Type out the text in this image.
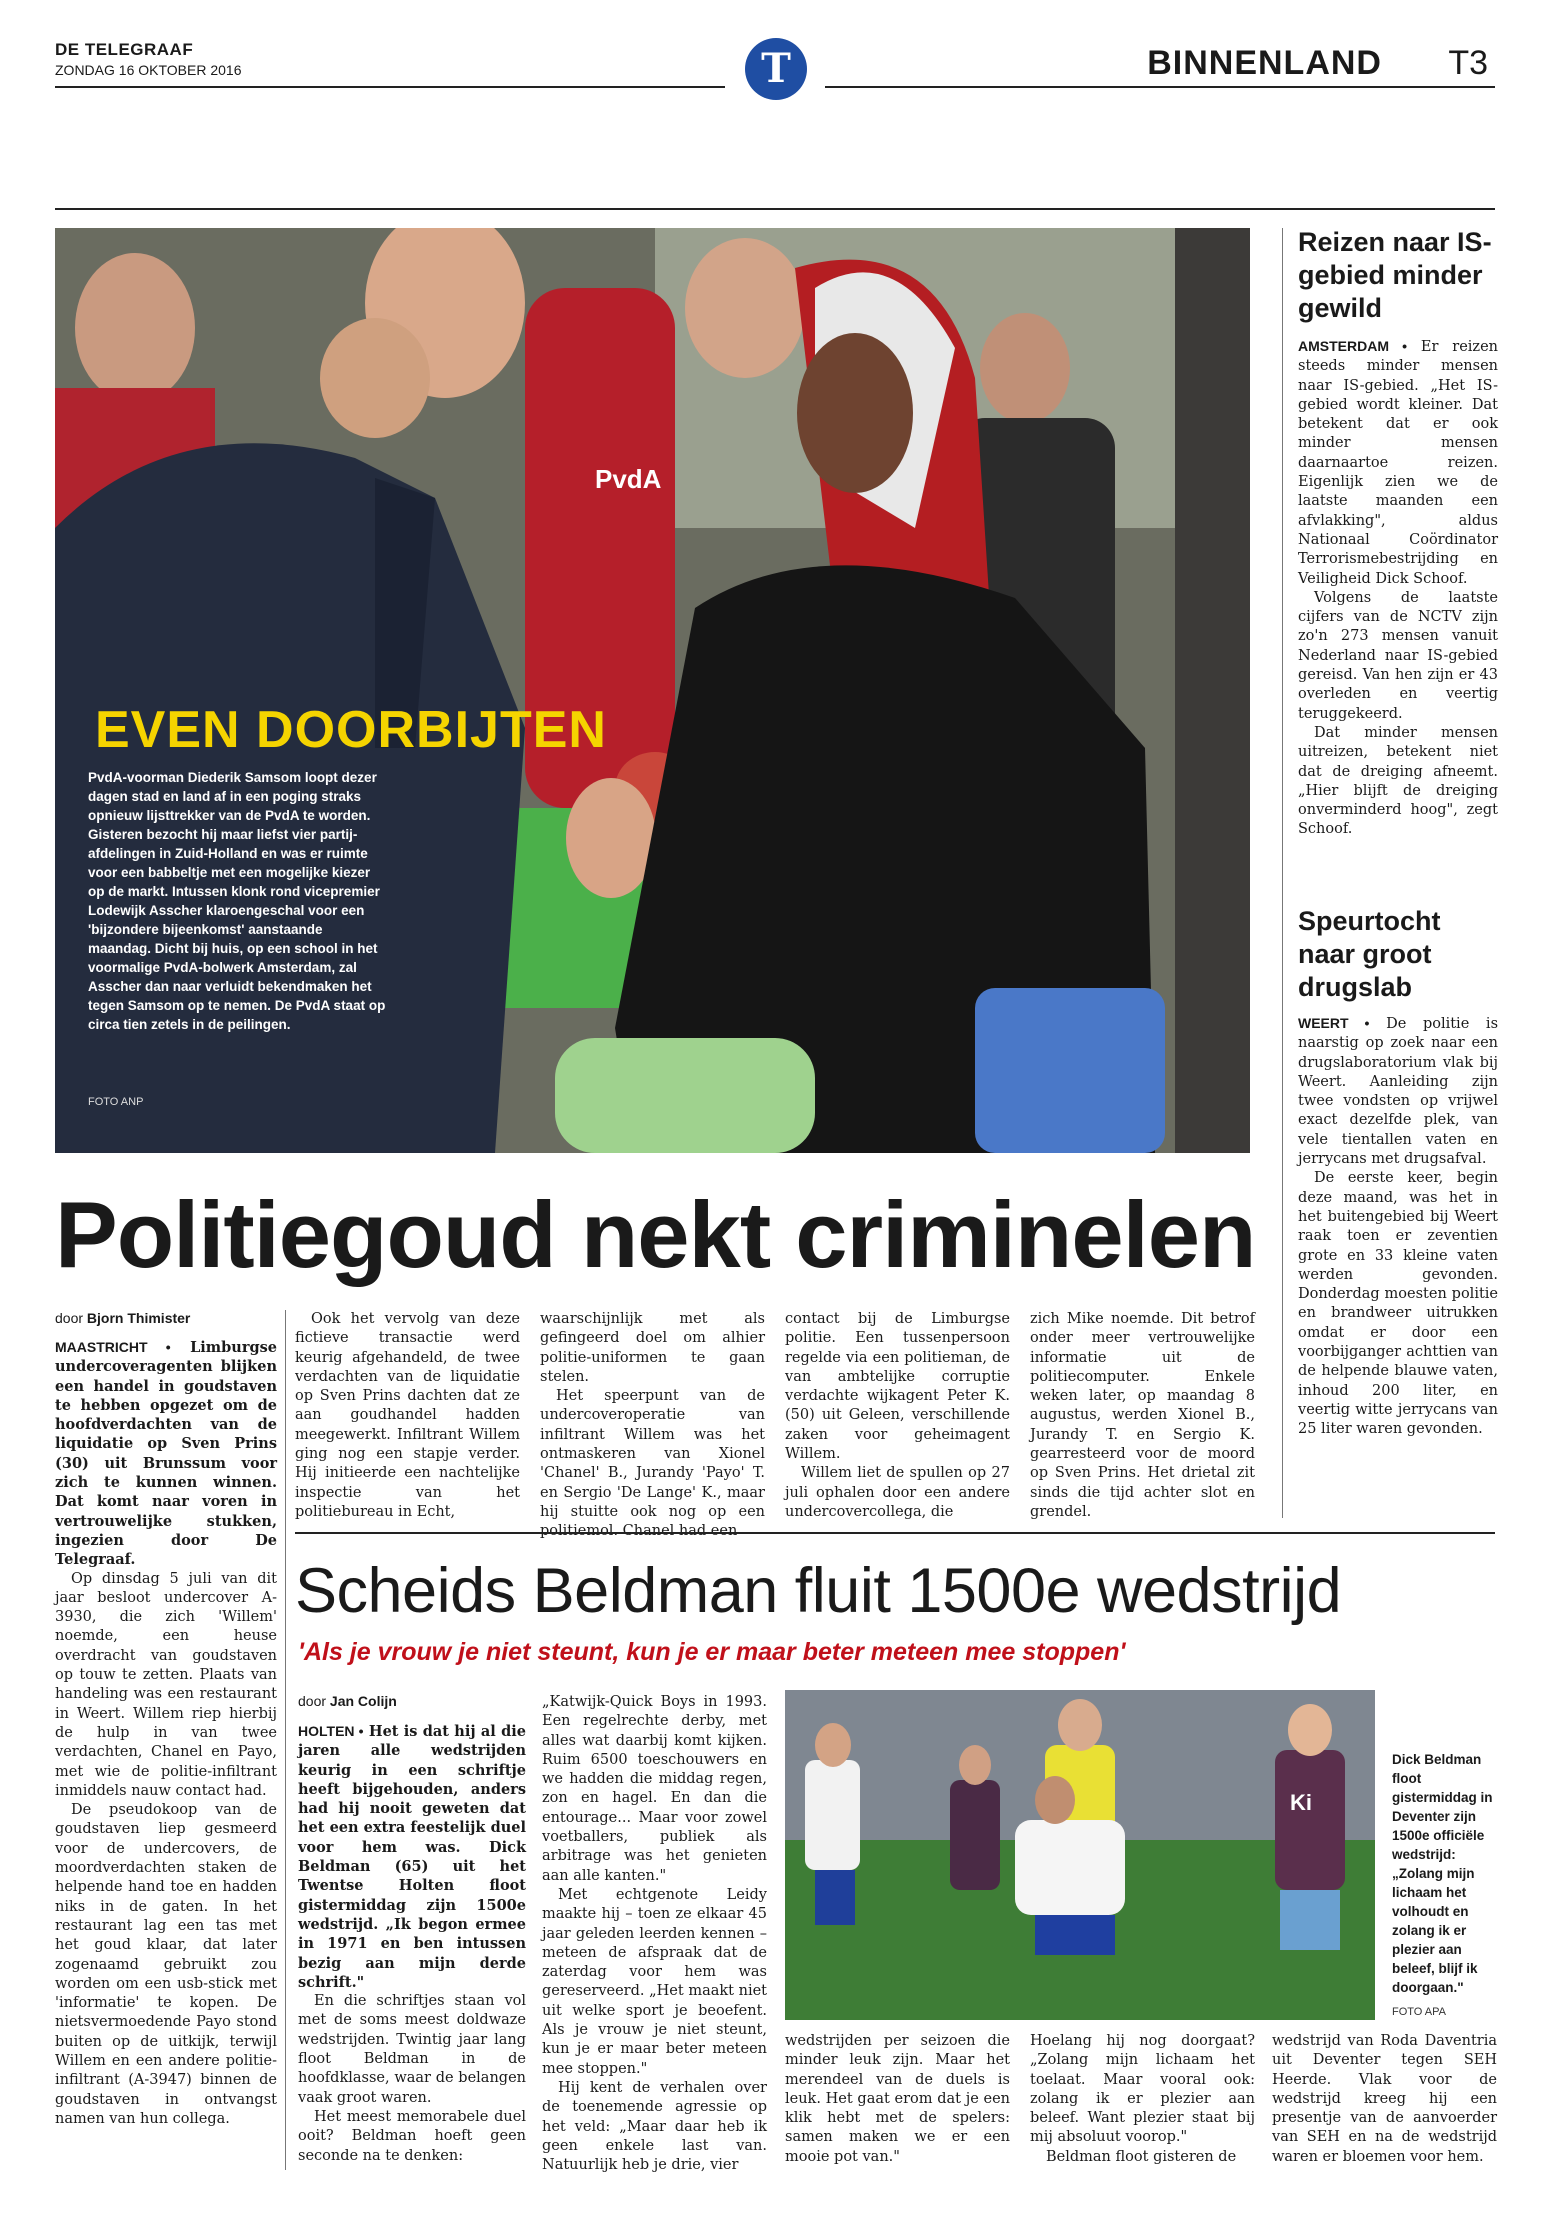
DE TELEGRAAF
ZONDAG 16 OKTOBER 2016	T	BINNENLAND T3
PvdA
EVEN DOORBIJTEN
PvdA-voorman Diederik Samsom loopt dezer dagen stad en land af in een poging straks opnieuw lijsttrekker van de PvdA te worden. Gisteren bezocht hij maar liefst vier partij-afdelingen in Zuid-Holland en was er ruimte voor een babbeltje met een mogelijke kiezer op de markt. Intussen klonk rond vicepremier Lodewijk Asscher klaroengeschal voor een 'bijzondere bijeenkomst' aanstaande maandag. Dicht bij huis, op een school in het voormalige PvdA-bolwerk Amsterdam, zal Asscher dan naar verluidt bekendmaken het tegen Samsom op te nemen. De PvdA staat op circa tien zetels in de peilingen.
FOTO ANP
Reizen naar IS-gebied minder gewild

AMSTERDAM • Er reizen steeds minder mensen naar IS-gebied. „Het IS-gebied wordt kleiner. Dat betekent dat er ook minder mensen daarnaartoe reizen. Eigenlijk zien we de laatste maanden een afvlakking", aldus Nationaal Coördinator Terrorismebestrijding en Veiligheid Dick Schoof.

Volgens de laatste cijfers van de NCTV zijn zo'n 273 mensen vanuit Nederland naar IS-gebied gereisd. Van hen zijn er 43 overleden en veertig teruggekeerd.

Dat minder mensen uitreizen, betekent niet dat de dreiging afneemt. „Hier blijft de dreiging onverminderd hoog", zegt Schoof.

Speurtocht naar groot drugslab

WEERT • De politie is naarstig op zoek naar een drugslaboratorium vlak bij Weert. Aanleiding zijn twee vondsten op vrijwel exact dezelfde plek, van vele tientallen vaten en jerrycans met drugsafval.

De eerste keer, begin deze maand, was het in het buitengebied bij Weert raak toen er zeventien grote en 33 kleine vaten werden gevonden. Donderdag moesten politie en brandweer uitrukken omdat er door een voorbijganger achttien van de helpende blauwe vaten, inhoud 200 liter, en veertig witte jerrycans van 25 liter waren gevonden.

Politiegoud nekt criminelen
door Bjorn Thimister

MAASTRICHT • Limburgse undercoveragenten blijken een handel in goudstaven te hebben opgezet om de hoofdverdachten van de liquidatie op Sven Prins (30) uit Brunssum voor zich te kunnen winnen. Dat komt naar voren in vertrouwelijke stukken, ingezien door De Telegraaf.

Op dinsdag 5 juli van dit jaar besloot undercover A-3930, die zich 'Willem' noemde, een heuse overdracht van goudstaven op touw te zetten. Plaats van handeling was een restaurant in Weert. Willem riep hierbij de hulp in van twee verdachten, Chanel en Payo, met wie de politie-infiltrant inmiddels nauw contact had.

De pseudokoop van de goudstaven liep gesmeerd voor de undercovers, de moordverdachten staken de helpende hand toe en hadden niks in de gaten. In het restaurant lag een tas met het goud klaar, dat later zogenaamd gebruikt zou worden om een usb-stick met 'informatie' te kopen. De nietsvermoedende Payo stond buiten op de uitkijk, terwijl Willem en een andere politie-infiltrant (A-3947) binnen de goudstaven in ontvangst namen van hun collega.

Ook het vervolg van deze fictieve transactie werd keurig afgehandeld, de twee verdachten van de liquidatie op Sven Prins dachten dat ze aan goudhandel hadden meegewerkt. Infiltrant Willem ging nog een stapje verder. Hij initieerde een nachtelijke inspectie van het politiebureau in Echt,

waarschijnlijk met als gefingeerd doel om alhier politie-uniformen te gaan stelen.

Het speerpunt van de undercoveroperatie van infiltrant Willem was het ontmaskeren van Xionel 'Chanel' B., Jurandy 'Payo' T. en Sergio 'De Lange' K., maar hij stuitte ook nog op een

contact bij de Limburgse politie. Een tussenpersoon regelde via een politieman, de van ambtelijke corruptie verdachte wijkagent Peter K. (50) uit Geleen, verschillende zaken voor geheimagent Willem.

Willem liet de spullen op 27 juli ophalen door een andere undercovercollega, die

zich Mike noemde. Dit betrof onder meer vertrouwelijke informatie uit de politiecomputer. Enkele weken later, op maandag 8 augustus, werden Xionel B., Jurandy T. en Sergio K. gearresteerd voor de moord op Sven Prins. Het drietal zit sinds die tijd achter slot en grendel.

Scheids Beldman fluit 1500e wedstrijd
'Als je vrouw je niet steunt, kun je er maar beter meteen mee stoppen'
door Jan Colijn

HOLTEN • Het is dat hij al die jaren alle wedstrijden keurig in een schriftje heeft bijgehouden, anders had hij nooit geweten dat het een extra feestelijk duel voor hem was. Dick Beldman (65) uit het Twentse Holten floot gistermiddag zijn 1500e wedstrijd. „Ik begon ermee in 1971 en ben intussen bezig aan mijn derde schrift."

En die schriftjes staan vol met de soms meest doldwaze wedstrijden. Twintig jaar lang floot Beldman in de hoofdklasse, waar de belangen vaak groot waren.

Het meest memorabele duel ooit? Beldman hoeft geen seconde na te denken:

„Katwijk-Quick Boys in 1993. Een regelrechte derby, met alles wat daarbij komt kijken. Ruim 6500 toeschouwers en we hadden die middag regen, zon en hagel. En dan die entourage... Maar voor zowel voetballers, publiek als arbitrage was het genieten aan alle kanten."

Met echtgenote Leidy maakte hij – toen ze elkaar 45 jaar geleden leerden kennen – meteen de afspraak dat de zaterdag voor hem was gereserveerd. „Het maakt niet uit welke sport je beoefent. Als je vrouw je niet steunt, kun je er maar beter meteen mee stoppen."

Hij kent de verhalen over de toenemende agressie op het veld: „Maar daar heb ik geen enkele last van. Natuurlijk heb je drie, vier

Ki
Dick Beldman floot gistermiddag in Deventer zijn 1500e officiële wedstrijd: „Zolang mijn lichaam het volhoudt en zolang ik er plezier aan beleef, blijf ik doorgaan."
FOTO APA

wedstrijden per seizoen die minder leuk zijn. Maar het merendeel van de duels is leuk. Het gaat erom dat je een klik hebt met de spelers: samen maken we er een mooie pot van."

Hoelang hij nog doorgaat? „Zolang mijn lichaam het toelaat. Maar vooral ook: zolang ik er plezier aan beleef. Want plezier staat bij mij absoluut voorop."

Beldman floot gisteren de

wedstrijd van Roda Daventria uit Deventer tegen SEH Heerde. Vlak voor de wedstrijd kreeg hij een presentje van de aanvoerder van SEH en na de wedstrijd waren er bloemen voor hem.
